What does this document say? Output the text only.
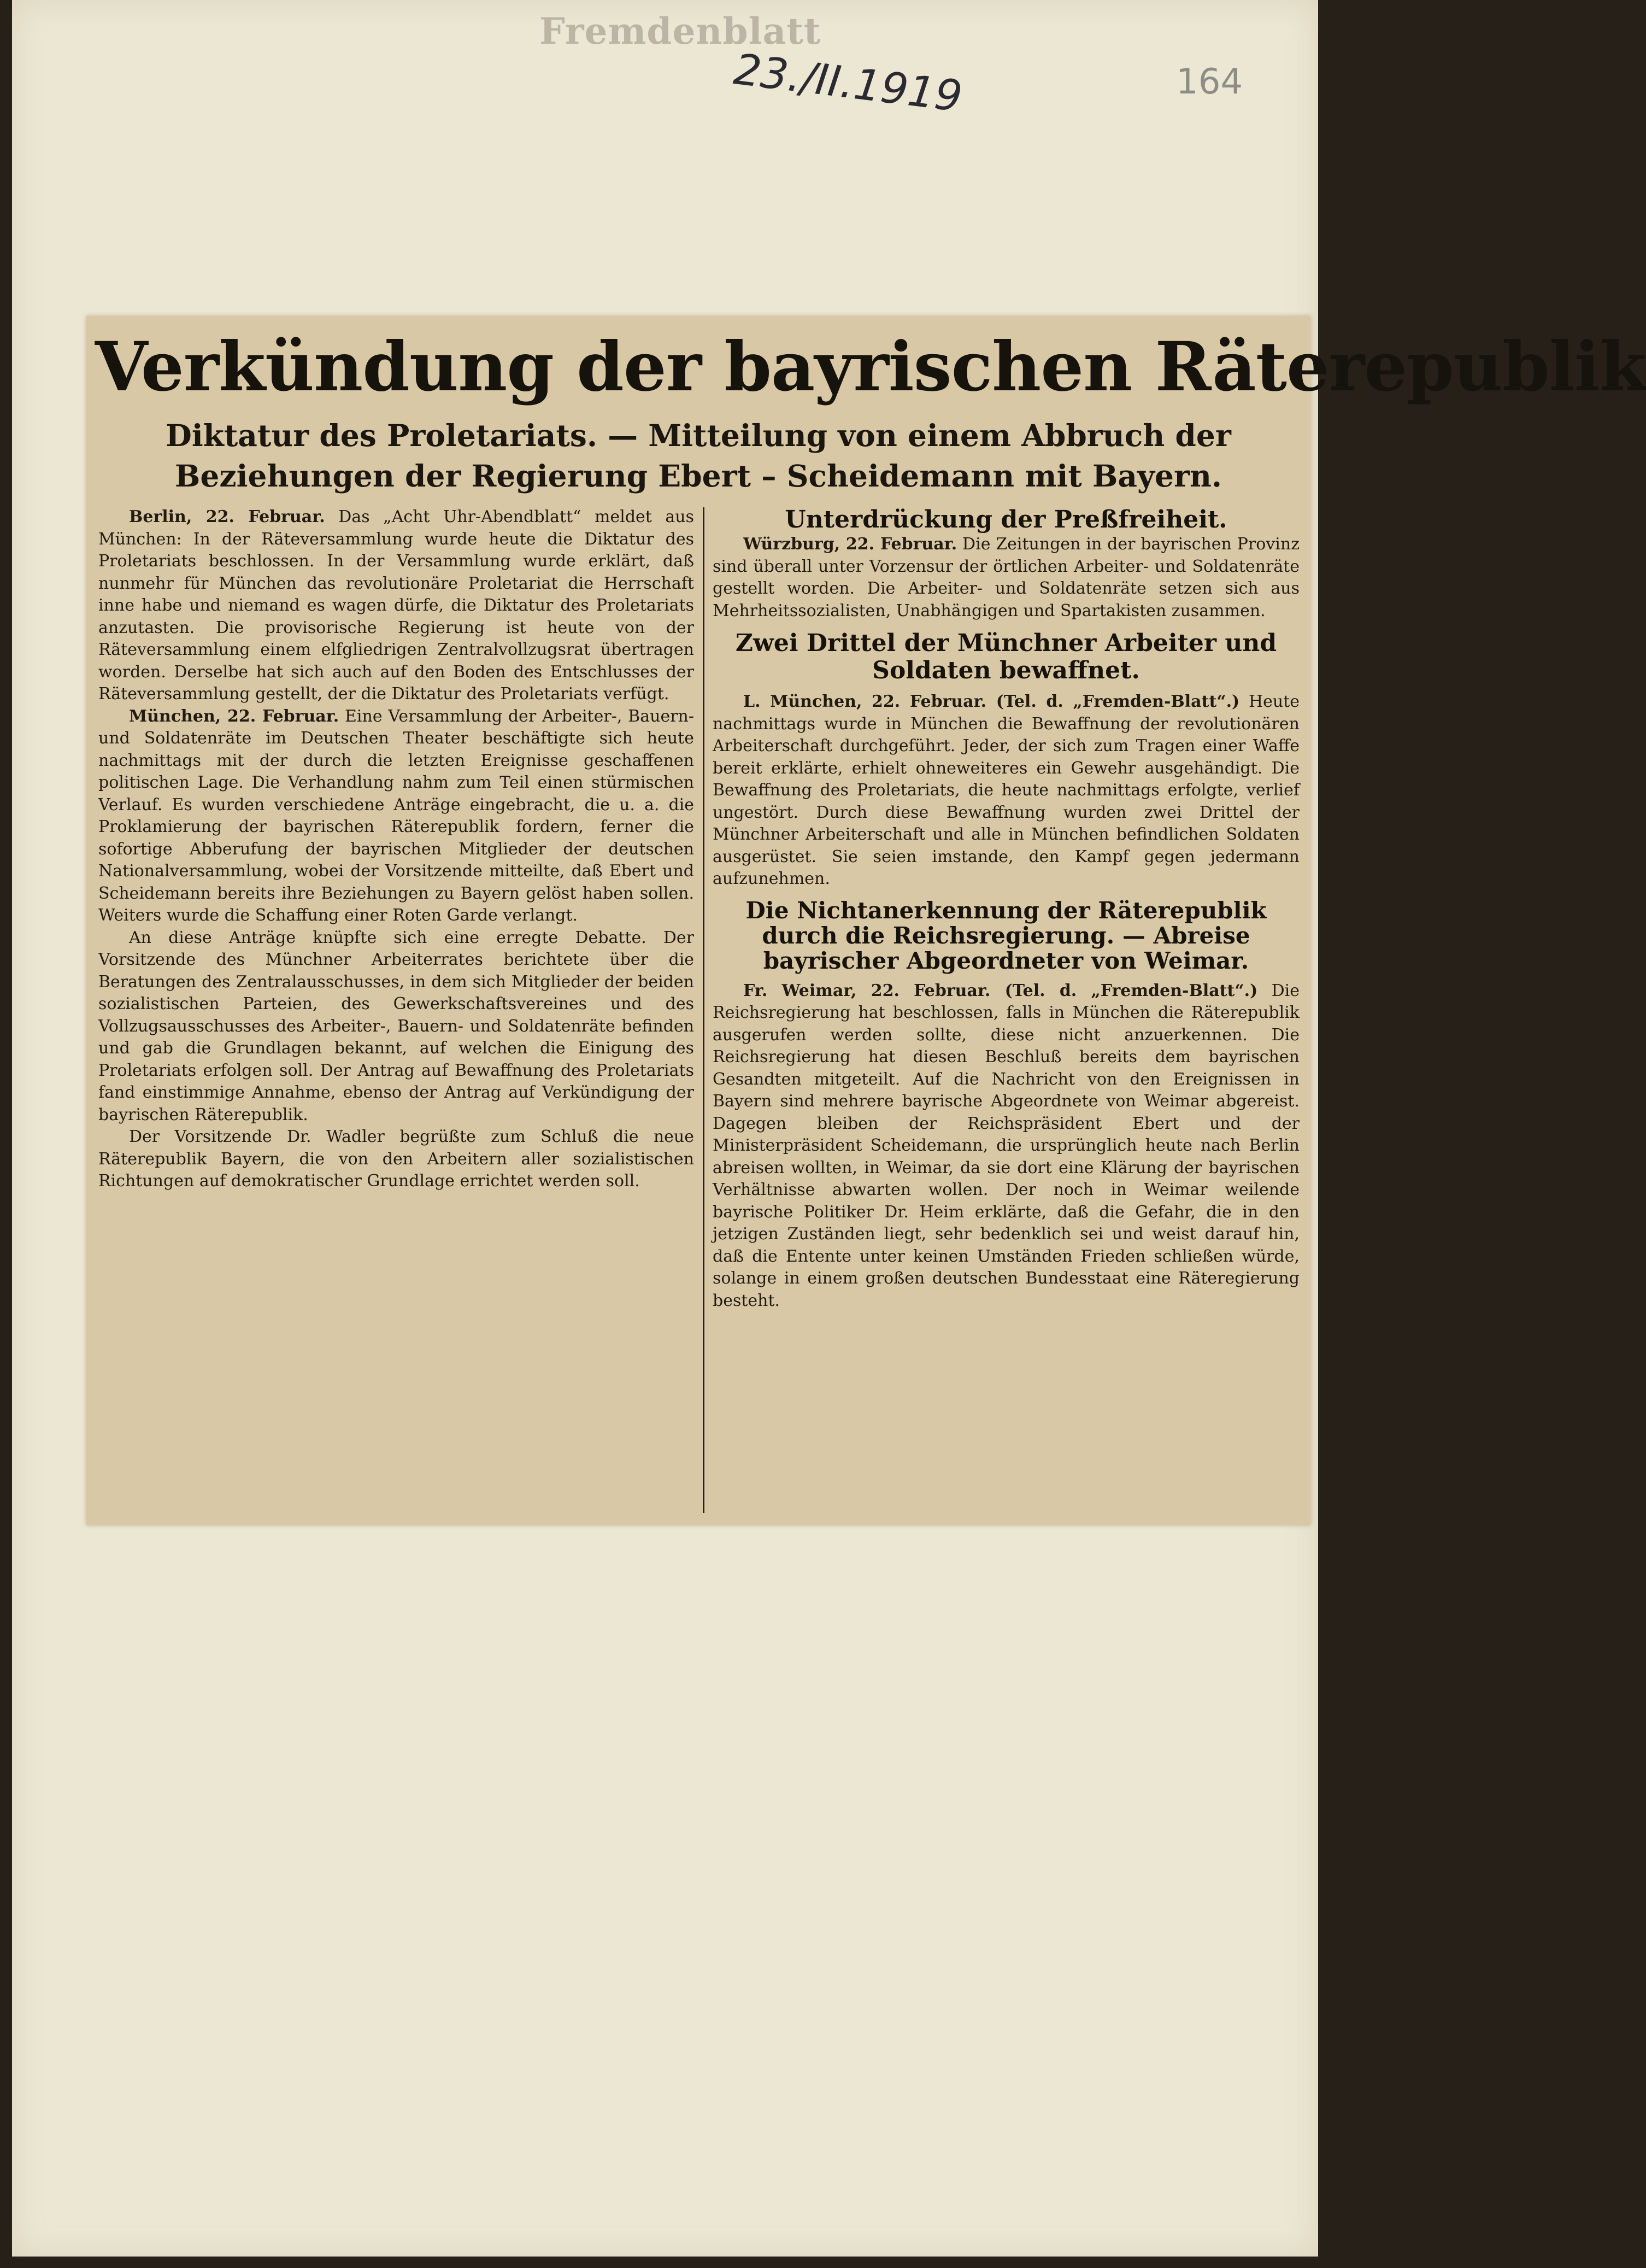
Fremdenblatt
23./II.1919	164
Verkündung der bayrischen Räterepublik
Diktatur des Proletariats. — Mitteilung von einem Abbruch der Beziehungen der Regierung Ebert – Scheidemann mit Bayern.

Berlin, 22. Februar. Das „Acht Uhr-Abendblatt“ meldet aus München: In der Räteversammlung wurde heute die Diktatur des Proletariats beschlossen. In der Versammlung wurde erklärt, daß nunmehr für München das revolutionäre Proletariat die Herrschaft inne habe und niemand es wagen dürfe, die Diktatur des Proletariats anzutasten. Die provisorische Regierung ist heute von der Räteversammlung einem elfgliedrigen Zentralvollzugsrat übertragen worden. Derselbe hat sich auch auf den Boden des Entschlusses der Räteversammlung gestellt, der die Diktatur des Proletariats verfügt.

München, 22. Februar. Eine Versammlung der Arbeiter-, Bauern- und Soldatenräte im Deutschen Theater beschäftigte sich heute nachmittags mit der durch die letzten Ereignisse geschaffenen politischen Lage. Die Verhandlung nahm zum Teil einen stürmischen Verlauf. Es wurden verschiedene Anträge eingebracht, die u. a. die Proklamierung der bayrischen Räterepublik fordern, ferner die sofortige Abberufung der bayrischen Mitglieder der deutschen Nationalversammlung, wobei der Vorsitzende mitteilte, daß Ebert und Scheidemann bereits ihre Beziehungen zu Bayern gelöst haben sollen. Weiters wurde die Schaffung einer Roten Garde verlangt.

An diese Anträge knüpfte sich eine erregte Debatte. Der Vorsitzende des Münchner Arbeiterrates berichtete über die Beratungen des Zentralausschusses, in dem sich Mitglieder der beiden sozialistischen Parteien, des Gewerkschaftsvereines und des Vollzugsausschusses des Arbeiter-, Bauern- und Soldatenräte befinden und gab die Grundlagen bekannt, auf welchen die Einigung des Proletariats erfolgen soll. Der Antrag auf Bewaffnung des Proletariats fand einstimmige Annahme, ebenso der Antrag auf Verkündigung der bayrischen Räterepublik.

Der Vorsitzende Dr. Wadler begrüßte zum Schluß die neue Räterepublik Bayern, die von den Arbeitern aller sozialistischen Richtungen auf demokratischer Grundlage errichtet werden soll.

Unterdrückung der Preßfreiheit.

Würzburg, 22. Februar. Die Zeitungen in der bayrischen Provinz sind überall unter Vorzensur der örtlichen Arbeiter- und Soldatenräte gestellt worden. Die Arbeiter- und Soldatenräte setzen sich aus Mehrheitssozialisten, Unabhängigen und Spartakisten zusammen.

Zwei Drittel der Münchner Arbeiter und Soldaten bewaffnet.

L. München, 22. Februar. (Tel. d. „Fremden-Blatt“.) Heute nachmittags wurde in München die Bewaffnung der revolutionären Arbeiterschaft durchgeführt. Jeder, der sich zum Tragen einer Waffe bereit erklärte, erhielt ohneweiteres ein Gewehr ausgehändigt. Die Bewaffnung des Proletariats, die heute nachmittags erfolgte, verlief ungestört. Durch diese Bewaffnung wurden zwei Drittel der Münchner Arbeiterschaft und alle in München befindlichen Soldaten ausgerüstet. Sie seien imstande, den Kampf gegen jedermann aufzunehmen.

Die Nichtanerkennung der Räterepublik durch die Reichsregierung. — Abreise bayrischer Abgeordneter von Weimar.

Fr. Weimar, 22. Februar. (Tel. d. „Fremden-Blatt“.) Die Reichsregierung hat beschlossen, falls in München die Räterepublik ausgerufen werden sollte, diese nicht anzuerkennen. Die Reichsregierung hat diesen Beschluß bereits dem bayrischen Gesandten mitgeteilt. Auf die Nachricht von den Ereignissen in Bayern sind mehrere bayrische Abgeordnete von Weimar abgereist. Dagegen bleiben der Reichspräsident Ebert und der Ministerpräsident Scheidemann, die ursprünglich heute nach Berlin abreisen wollten, in Weimar, da sie dort eine Klärung der bayrischen Verhältnisse abwarten wollen. Der noch in Weimar weilende bayrische Politiker Dr. Heim erklärte, daß die Gefahr, die in den jetzigen Zuständen liegt, sehr bedenklich sei und weist darauf hin, daß die Entente unter keinen Umständen Frieden schließen würde, solange in einem großen deutschen Bundesstaat eine Räteregierung besteht.
